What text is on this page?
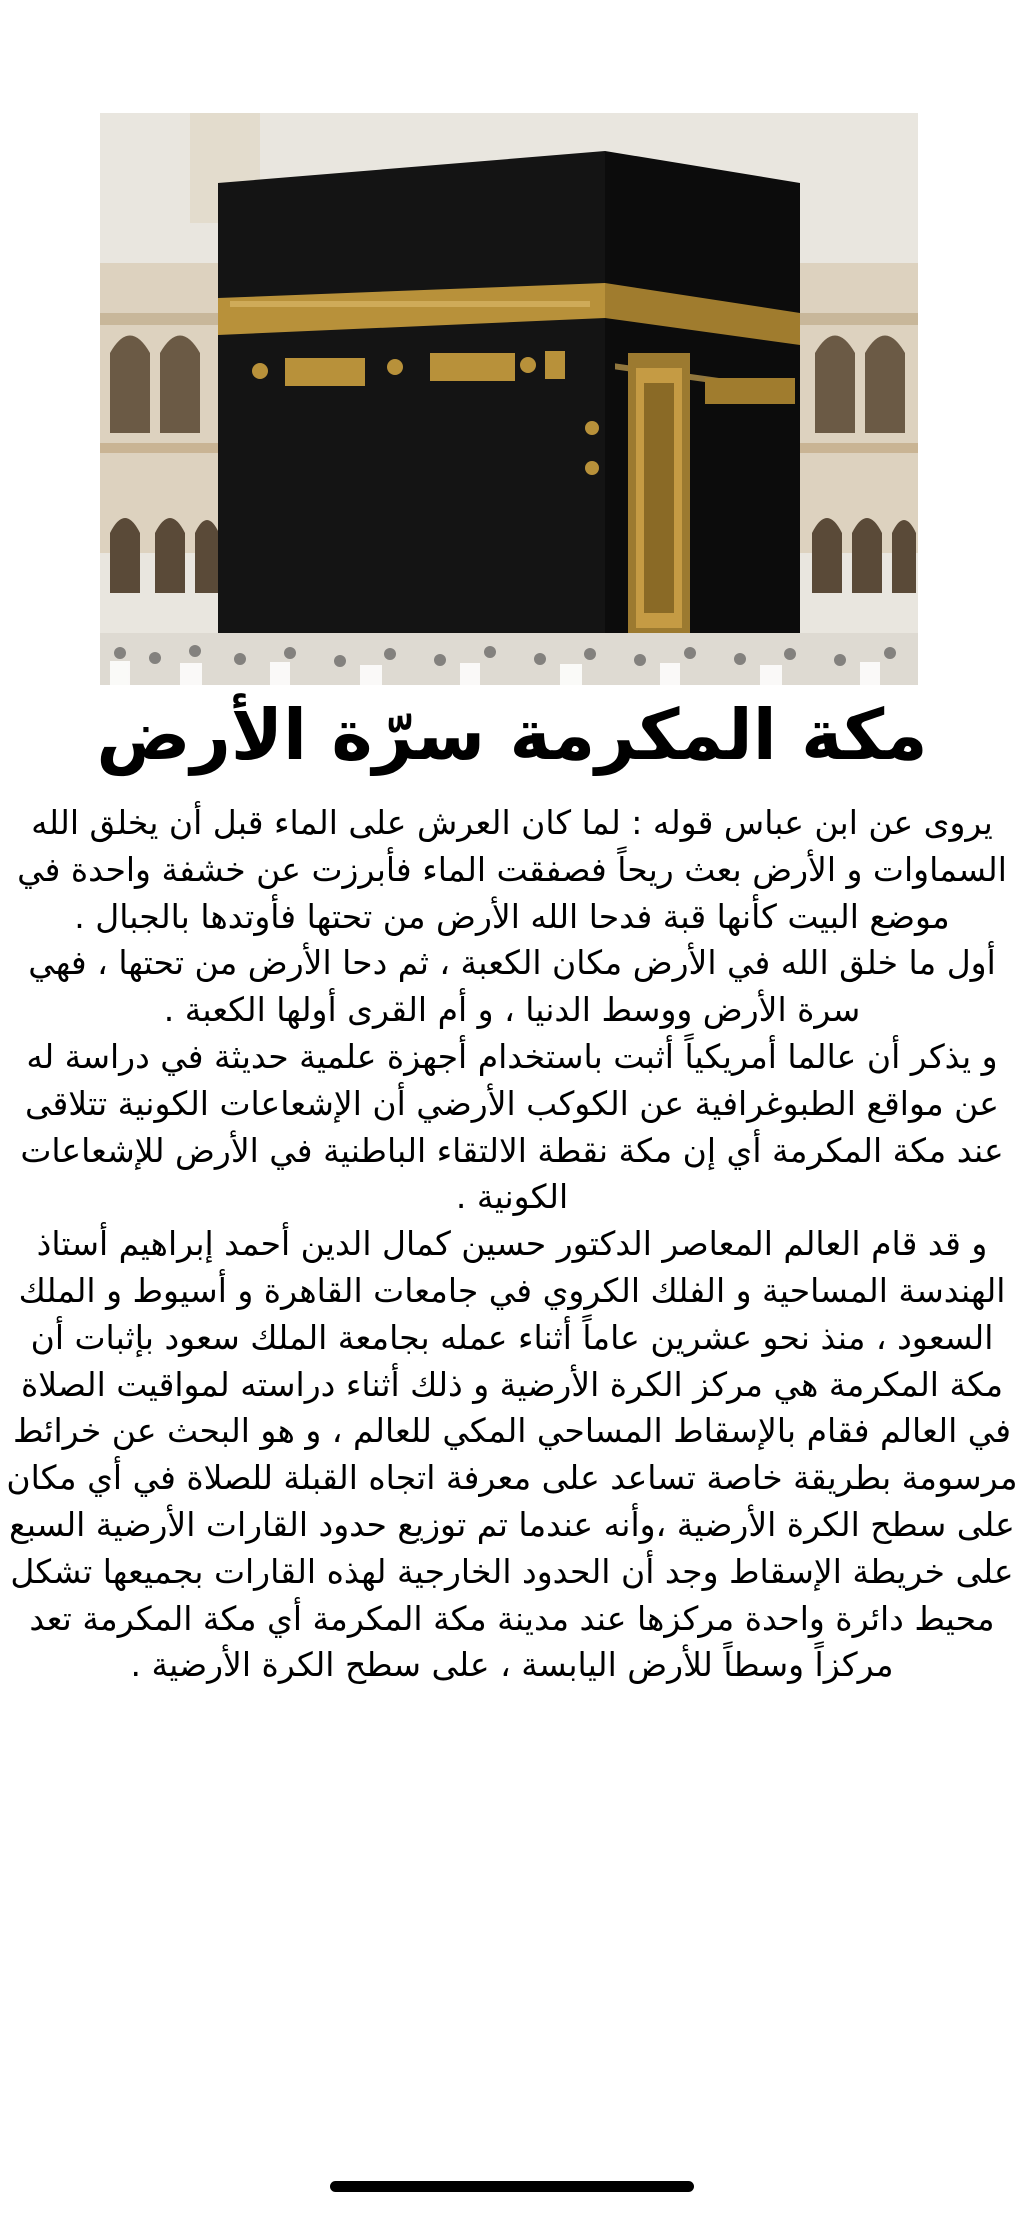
مكة المكرمة سرّة الأرض

يروى عن ابن عباس قوله : لما كان العرش على الماء قبل أن يخلق الله السماوات و الأرض بعث ريحاً فصفقت الماء فأبرزت عن خشفة واحدة في موضع البيت كأنها قبة فدحا الله الأرض من تحتها فأوتدها بالجبال .

أول ما خلق الله في الأرض مكان الكعبة ، ثم دحا الأرض من تحتها ، فهي سرة الأرض ووسط الدنيا ، و أم القرى أولها الكعبة .

و يذكر أن عالما أمريكياً أثبت باستخدام أجهزة علمية حديثة في دراسة له عن مواقع الطبوغرافية عن الكوكب الأرضي أن الإشعاعات الكونية تتلاقى عند مكة المكرمة أي إن مكة نقطة الالتقاء الباطنية في الأرض للإشعاعات الكونية .

و قد قام العالم المعاصر الدكتور حسين كمال الدين أحمد إبراهيم أستاذ الهندسة المساحية و الفلك الكروي في جامعات القاهرة و أسيوط و الملك السعود ، منذ نحو عشرين عاماً أثناء عمله بجامعة الملك سعود بإثبات أن مكة المكرمة هي مركز الكرة الأرضية و ذلك أثناء دراسته لمواقيت الصلاة في العالم فقام بالإسقاط المساحي المكي للعالم ، و هو البحث عن خرائط مرسومة بطريقة خاصة تساعد على معرفة اتجاه القبلة للصلاة في أي مكان على سطح الكرة الأرضية ،وأنه عندما تم توزيع حدود القارات الأرضية السبع على خريطة الإسقاط وجد أن الحدود الخارجية لهذه القارات بجميعها تشكل محيط دائرة واحدة مركزها عند مدينة مكة المكرمة أي مكة المكرمة تعد مركزاً وسطاً للأرض اليابسة ، على سطح الكرة الأرضية .
